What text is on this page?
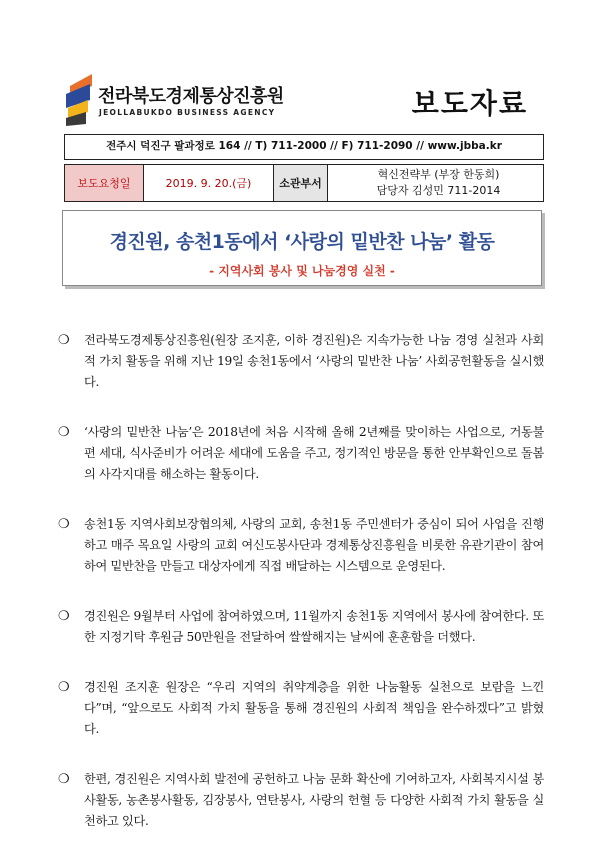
전라북도경제통상진흥원
JEOLLABUKDO BUSINESS AGENCY	보도자료
전주시 덕진구 팔과정로 164 // T) 711-2000 // F) 711-2090 // www.jbba.kr
보도요청일	2019. 9. 20.(금)	소관부서
혁신전략부 (부장 한동희)
담당자 김성민 711-2014
경진원, 송천1동에서 ‘사랑의 밑반찬 나눔’ 활동
- 지역사회 봉사 및 나눔경영 실천 -
❍ 전라북도경제통상진흥원(원장 조지훈, 이하 경진원)은 지속가능한 나눔 경영 실천과 사회적 가치 활동을 위해 지난 19일 송천1동에서 ‘사랑의 밑반찬 나눔’ 사회공헌활동을 실시했다.
❍ ‘사랑의 밑반찬 나눔’은 2018년에 처음 시작해 올해 2년째를 맞이하는 사업으로, 거동불편 세대, 식사준비가 어려운 세대에 도움을 주고, 정기적인 방문을 통한 안부확인으로 돌봄의 사각지대를 해소하는 활동이다.
❍ 송천1동 지역사회보장협의체, 사랑의 교회, 송천1동 주민센터가 중심이 되어 사업을 진행하고 매주 목요일 사랑의 교회 여신도봉사단과 경제통상진흥원을 비롯한 유관기관이 참여하여 밑반찬을 만들고 대상자에게 직접 배달하는 시스템으로 운영된다.
❍ 경진원은 9월부터 사업에 참여하였으며, 11월까지 송천1동 지역에서 봉사에 참여한다. 또한 지정기탁 후원금 50만원을 전달하여 쌀쌀해지는 날씨에 훈훈함을 더했다.
❍ 경진원 조지훈 원장은 “우리 지역의 취약계층을 위한 나눔활동 실천으로 보람을 느낀다”며, “앞으로도 사회적 가치 활동을 통해 경진원의 사회적 책임을 완수하겠다”고 밝혔다.
❍ 한편, 경진원은 지역사회 발전에 공헌하고 나눔 문화 확산에 기여하고자, 사회복지시설 봉사활동, 농촌봉사활동, 김장봉사, 연탄봉사, 사랑의 헌혈 등 다양한 사회적 가치 활동을 실천하고 있다.
